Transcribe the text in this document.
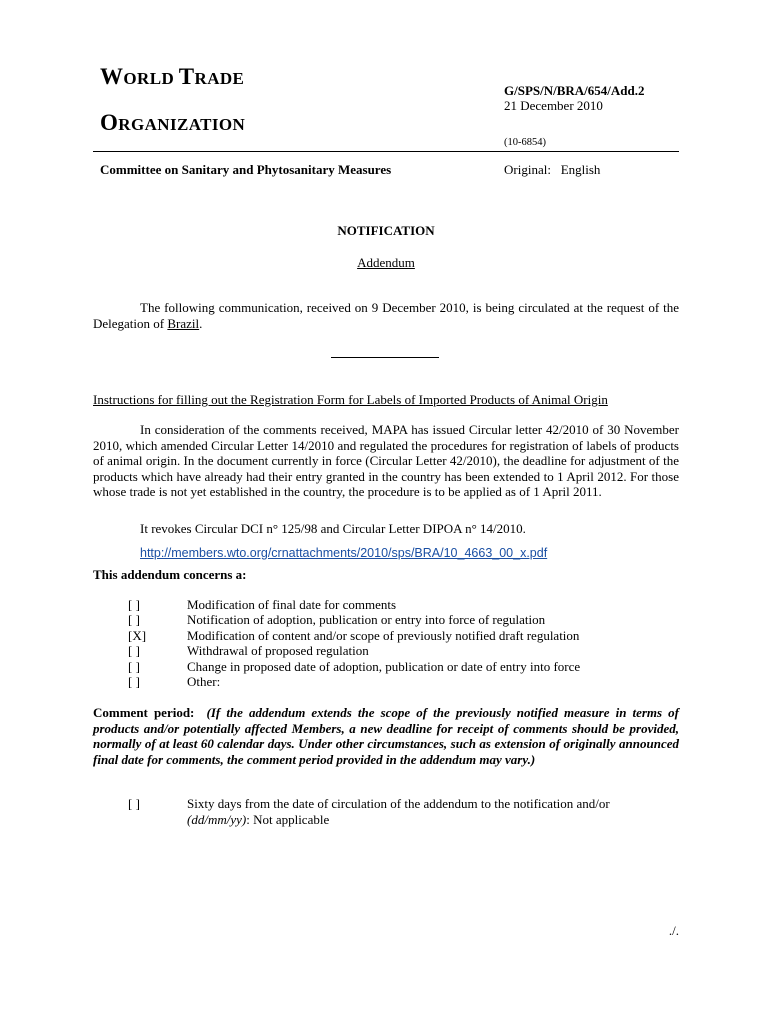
WORLD TRADE
ORGANIZATION
G/SPS/N/BRA/654/Add.2
21 December 2010
(10-6854)
Committee on Sanitary and Phytosanitary Measures	Original: English
NOTIFICATION
Addendum
The following communication, received on 9 December 2010, is being circulated at the request of the Delegation of Brazil.
Instructions for filling out the Registration Form for Labels of Imported Products of Animal Origin
In consideration of the comments received, MAPA has issued Circular letter 42/2010 of 30 November 2010, which amended Circular Letter 14/2010 and regulated the procedures for registration of labels of products of animal origin. In the document currently in force (Circular Letter 42/2010), the deadline for adjustment of the products which have already had their entry granted in the country has been extended to 1 April 2012. For those whose trade is not yet established in the country, the procedure is to be applied as of 1 April 2011.
It revokes Circular DCI n° 125/98 and Circular Letter DIPOA n° 14/2010.
http://members.wto.org/crnattachments/2010/sps/BRA/10_4663_00_x.pdf
This addendum concerns a:
[ ]	Modification of final date for comments
[ ]	Notification of adoption, publication or entry into force of regulation
[X]	Modification of content and/or scope of previously notified draft regulation
[ ]	Withdrawal of proposed regulation
[ ]	Change in proposed date of adoption, publication or date of entry into force
[ ]	Other:
Comment period: (If the addendum extends the scope of the previously notified measure in terms of products and/or potentially affected Members, a new deadline for receipt of comments should be provided, normally of at least 60 calendar days. Under other circumstances, such as extension of originally announced final date for comments, the comment period provided in the addendum may vary.)
[ ]	Sixty days from the date of circulation of the addendum to the notification and/or
(dd/mm/yy): Not applicable
./.
